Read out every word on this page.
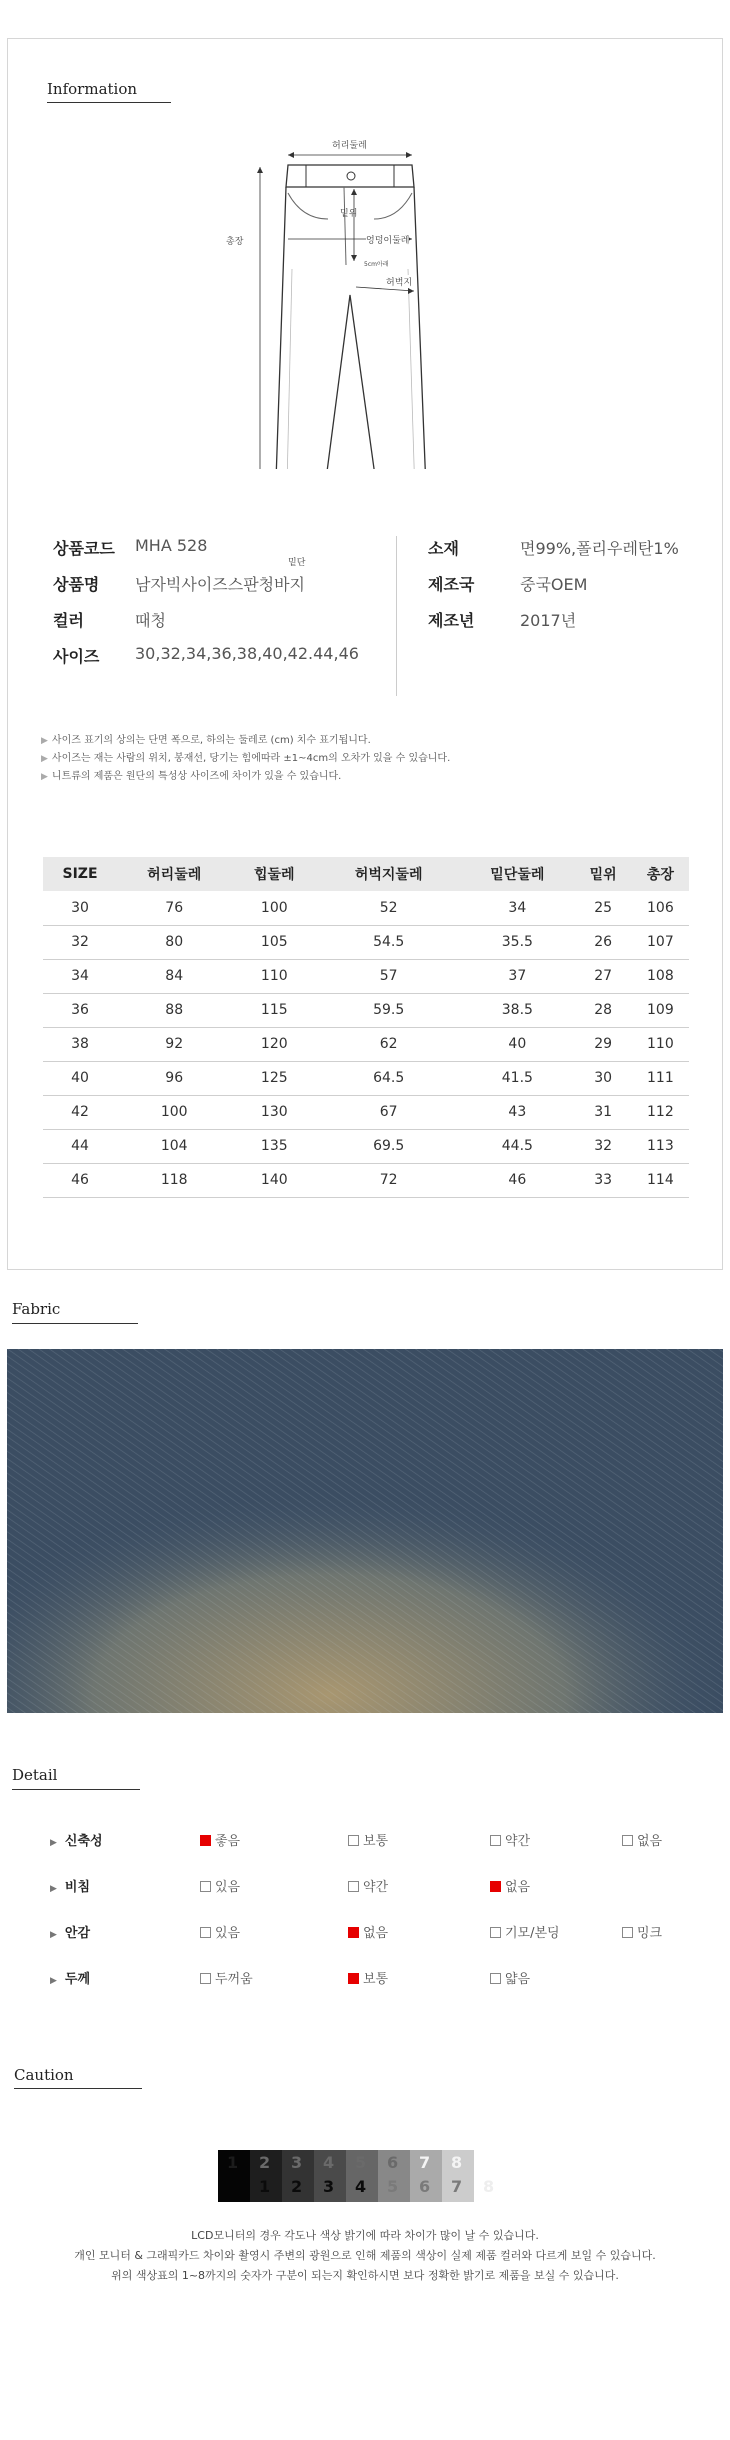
Information
허리둘레
밑위
엉덩이둘레
5cm아래
허벅지
총장
밑단
상품코드 MHA 528
상품명 남자빅사이즈스판청바지
컬러	때청
사이즈 30,32,34,36,38,40,42.44,46
소재	면99%,폴리우레탄1%
제조국	중국OEM
제조년	2017년
▶ 사이즈 표기의 상의는 단면 폭으로, 하의는 둘레로 (cm) 치수 표기됩니다.
▶ 사이즈는 재는 사람의 위치, 봉재선, 당기는 힘에따라 ±1~4cm의 오차가 있을 수 있습니다.
▶ 니트류의 제품은 원단의 특성상 사이즈에 차이가 있을 수 있습니다.
SIZE	허리둘레	힙둘레	허벅지둘레	밑단둘레	밑위	총장
30	76	100	52	34	25	106
32	80	105	54.5	35.5	26	107
34	84	110	57	37	27	108
36	88	115	59.5	38.5	28	109
38	92	120	62	40	29	110
40	96	125	64.5	41.5	30	111
42	100	130	67	43	31	112
44	104	135	69.5	44.5	32	113
46	118	140	72	46	33	114
Fabric
Detail
▶ 신축성	좋음	보통	약간	없음
▶ 비침	있음	약간	없음
▶ 안감	있음	없음	기모/본딩	밍크
▶ 두께	두꺼움	보통	얇음
Caution
1 2
1
3
2
4
3
5
4
6
5
7
6
8
7 8
LCD모니터의 경우 각도나 색상 밝기에 따라 차이가 많이 날 수 있습니다.
개인 모니터 & 그래픽카드 차이와 촬영시 주변의 광원으로 인해 제품의 색상이 실제 제품 컬러와 다르게 보일 수 있습니다.
위의 색상표의 1~8까지의 숫자가 구분이 되는지 확인하시면 보다 정확한 밝기로 제품을 보실 수 있습니다.
